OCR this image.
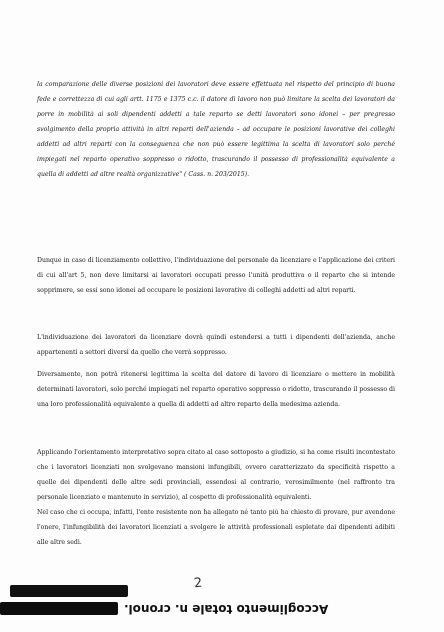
la comparazione delle diverse posizioni dei lavoratori deve essere effettuata nel rispetto del principio di buona fede e correttezza di cui agli artt. 1175 e 1375 c.c. il datore di lavoro non può limitare la scelta dei lavoratori da porre in mobilità ai soli dipendenti addetti a tale reparto se detti lavoratori sono idonei – per pregresso svolgimento della propria attività in altri reparti dell'azienda – ad occupare le posizioni lavorative dei colleghi addetti ad altri reparti con la conseguenza che non può essere legittima la scelta di lavoratori solo perché impiegati nel reparto operativo soppresso o ridotto, trascurando il possesso di professionalità equivalente a quella di addetti ad altre realtà organizzative" ( Cass. n. 203/2015).

Dunque in caso di licenziamento collettivo, l'individuazione del personale da licenziare e l'applicazione dei criteri di cui all'art 5, non deve limitarsi ai lavoratori occupati presso l'unità produttiva o il reparto che si intende sopprimere, se essi sono idonei ad occupare le posizioni lavorative di colleghi addetti ad altri reparti.

L'individuazione dei lavoratori da licenziare dovrà quindi estendersi a tutti i dipendenti dell'azienda, anche appartenenti a settori diversi da quello che verrà soppresso.

Diversamente, non potrà ritenersi legittima la scelta del datore di lavoro di licenziare o mettere in mobilità determinati lavoratori, solo perché impiegati nel reparto operativo soppresso o ridotto, trascurando il possesso di una loro professionalità equivalente a quella di addetti ad altro reparto della medesima azienda.

Applicando l'orientamento interpretativo sopra citato al caso sottoposto a giudizio, si ha come risulti incontestato che i lavoratori licenziati non svolgevano mansioni infungibili, ovvero caratterizzato da specificità rispetto a quelle dei dipendenti delle altre sedi provinciali, essendosi al contrario, verosimilmente (nel raffronto tra personale licenziato e mantenuto in servizio), al cospetto di professionalità equivalenti.

Nel caso che ci occupa, infatti, l'ente resistente non ha allegato né tanto più ha chiesto di provare, pur avendone l'onere, l'infungibilità dei lavoratori licenziati a svolgere le attività professionali espletate dai dipendenti adibiti alle altre sedi.

2
Accoglimento totale n. cronol.
